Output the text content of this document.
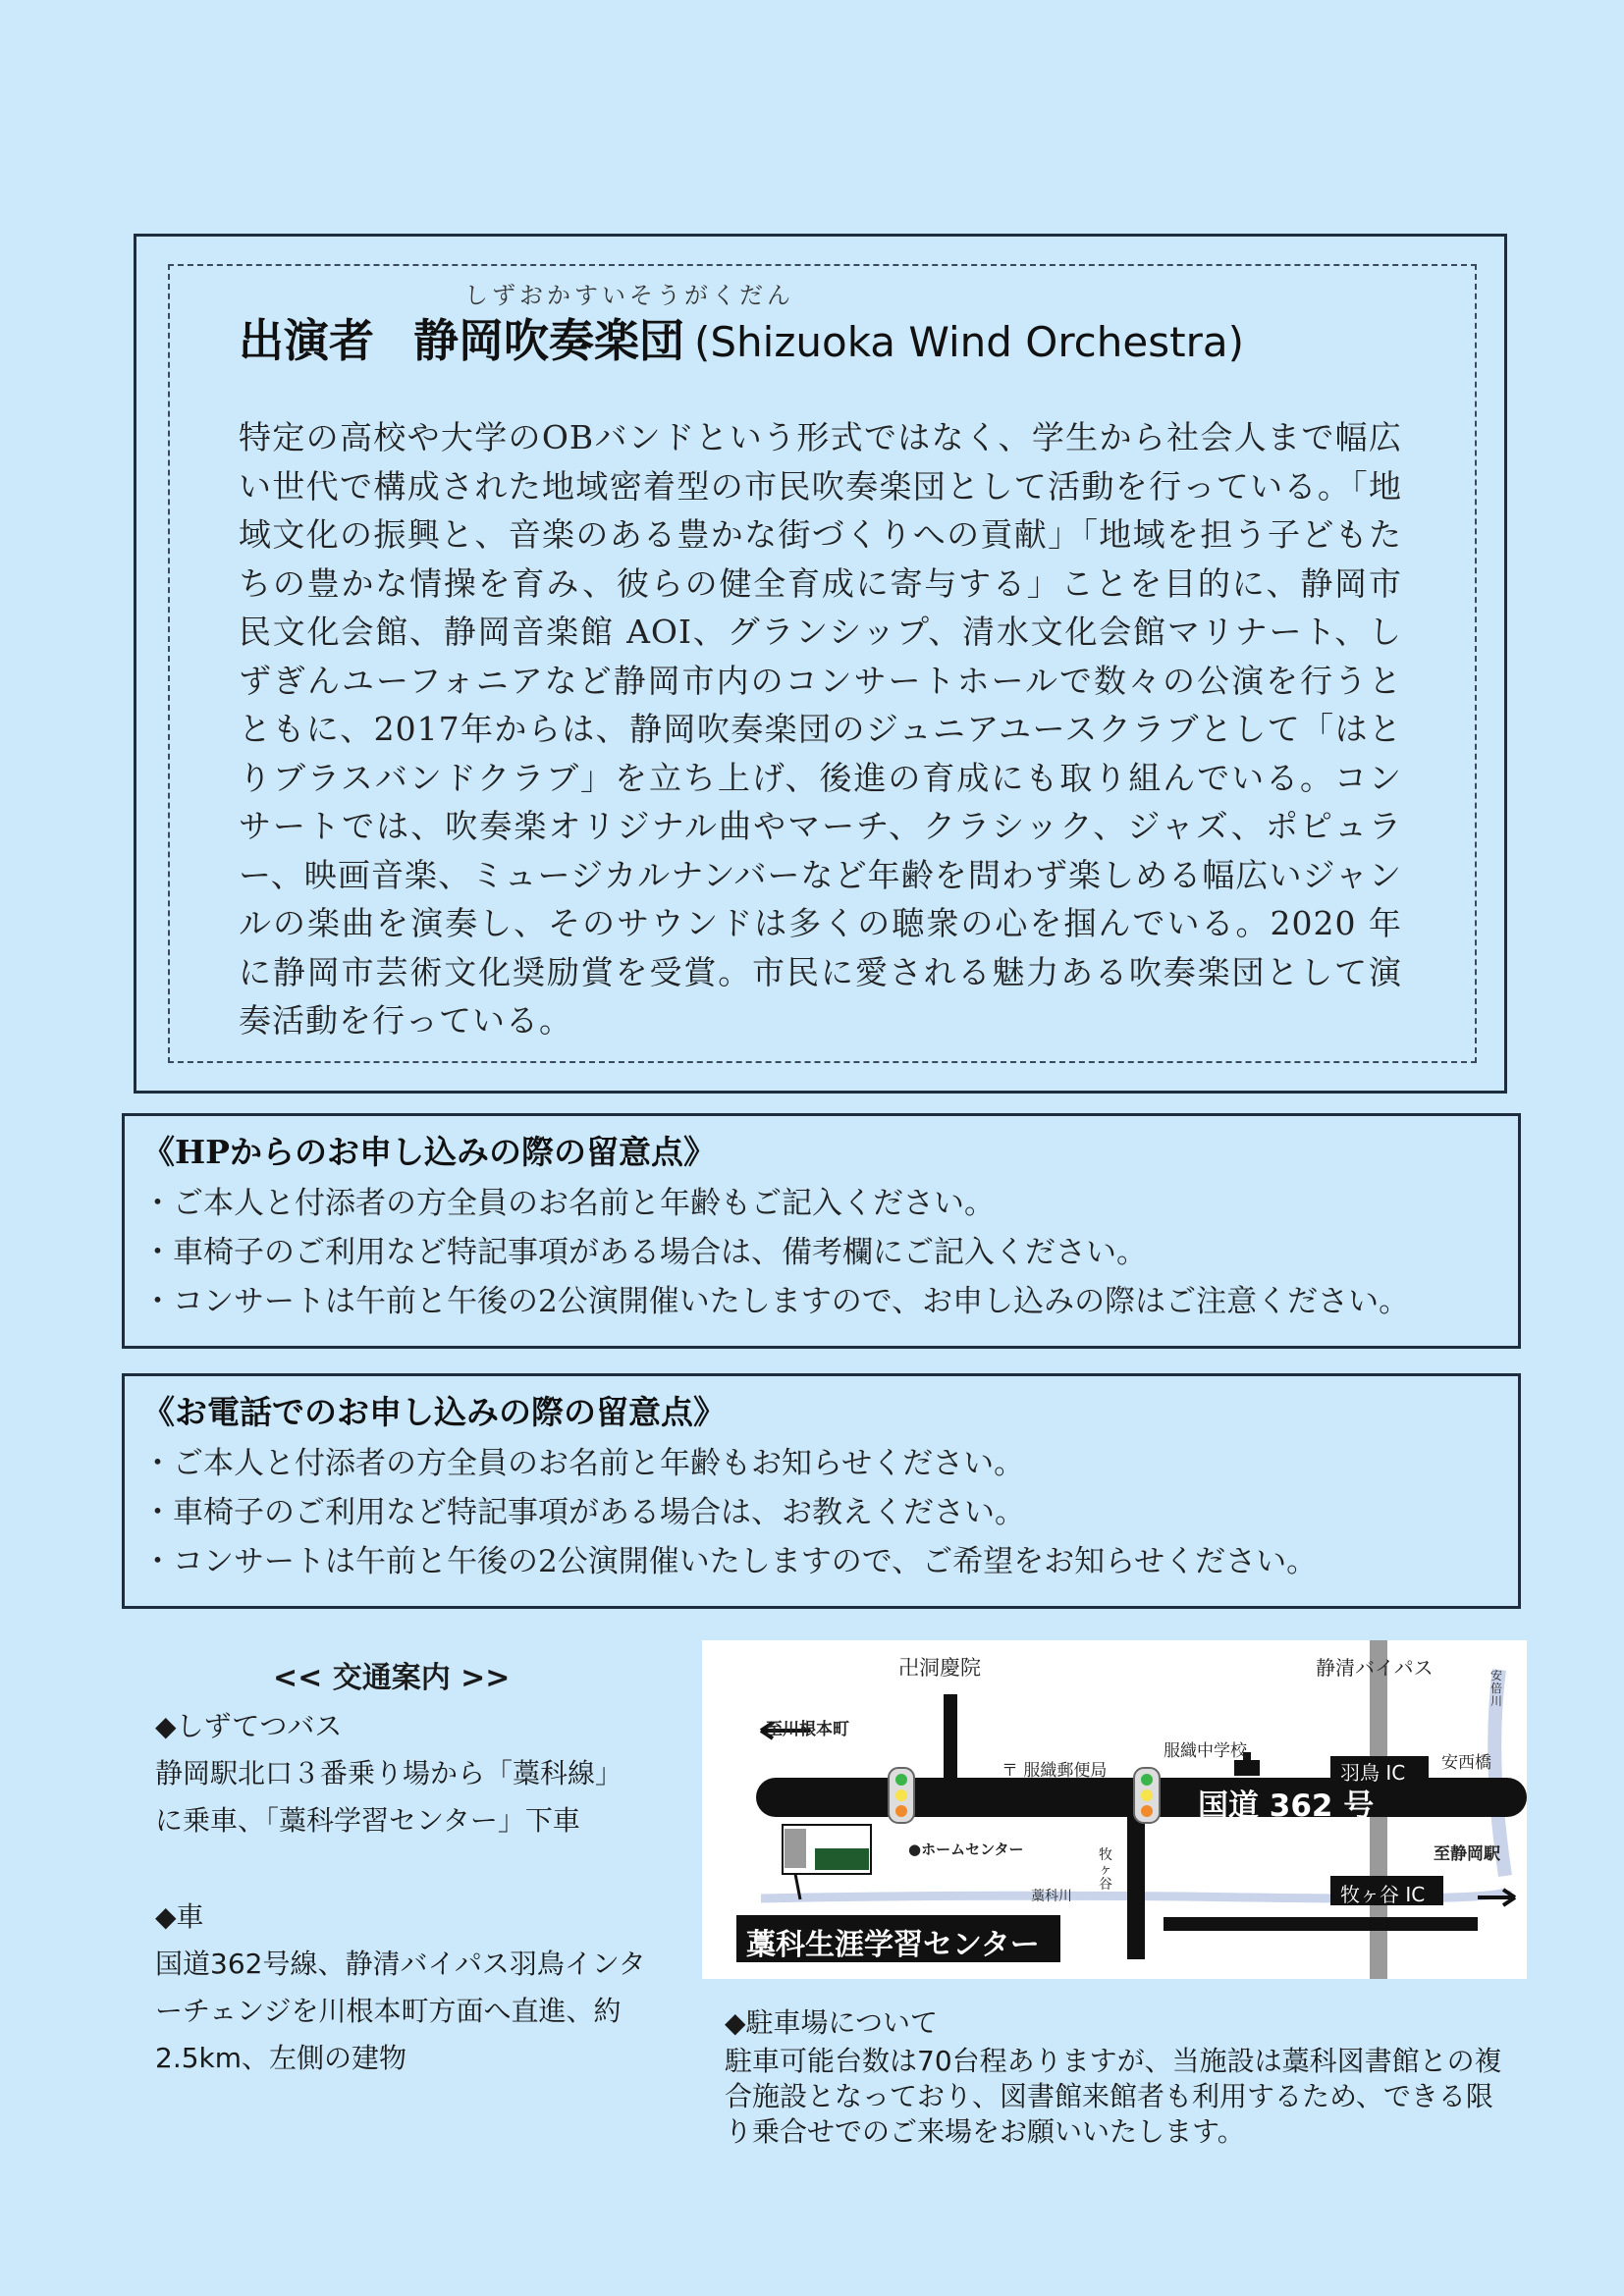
しずおかすいそうがくだん
出演者 静岡吹奏楽団 (Shizuoka Wind Orchestra)
特定の高校や大学のOBバンドという形式ではなく、学生から社会人まで幅広い世代で構成された地域密着型の市民吹奏楽団として活動を行っている。「地域文化の振興と、音楽のある豊かな街づくりへの貢献」「地域を担う子どもたちの豊かな情操を育み、彼らの健全育成に寄与する」ことを目的に、静岡市民文化会館、静岡音楽館 AOI、グランシップ、清水文化会館マリナート、しずぎんユーフォニアなど静岡市内のコンサートホールで数々の公演を行うとともに、2017年からは、静岡吹奏楽団のジュニアユースクラブとして「はとりブラスバンドクラブ」を立ち上げ、後進の育成にも取り組んでいる。コンサートでは、吹奏楽オリジナル曲やマーチ、クラシック、ジャズ、ポピュラー、映画音楽、ミュージカルナンバーなど年齢を問わず楽しめる幅広いジャンルの楽曲を演奏し、そのサウンドは多くの聴衆の心を掴んでいる。2020 年に静岡市芸術文化奨励賞を受賞。市民に愛される魅力ある吹奏楽団として演奏活動を行っている。
《HPからのお申し込みの際の留意点》
・ご本人と付添者の方全員のお名前と年齢もご記入ください。
・車椅子のご利用など特記事項がある場合は、備考欄にご記入ください。
・コンサートは午前と午後の2公演開催いたしますので、お申し込みの際はご注意ください。
《お電話でのお申し込みの際の留意点》
・ご本人と付添者の方全員のお名前と年齢もお知らせください。
・車椅子のご利用など特記事項がある場合は、お教えください。
・コンサートは午前と午後の2公演開催いたしますので、ご希望をお知らせください。

<< 交通案内 >>

◆しずてつバス

静岡駅北口３番乗り場から「藁科線」に乗車、「藁科学習センター」下車

◆車

国道362号線、静清バイパス羽鳥インターチェンジを川根本町方面へ直進、約2.5km、左側の建物

卍洞慶院	静清バイパス
至川根本町
〒 服織郵便局
服織中学校
羽鳥 IC 安西橋
国道 362 号
●ホームセンター	至静岡駅
牧ヶ谷
藁科川	牧ヶ谷 IC
安倍川
藁科生涯学習センター

◆駐車場について

駐車可能台数は70台程ありますが、当施設は藁科図書館との複合施設となっており、図書館来館者も利用するため、できる限り乗合せでのご来場をお願いいたします。
